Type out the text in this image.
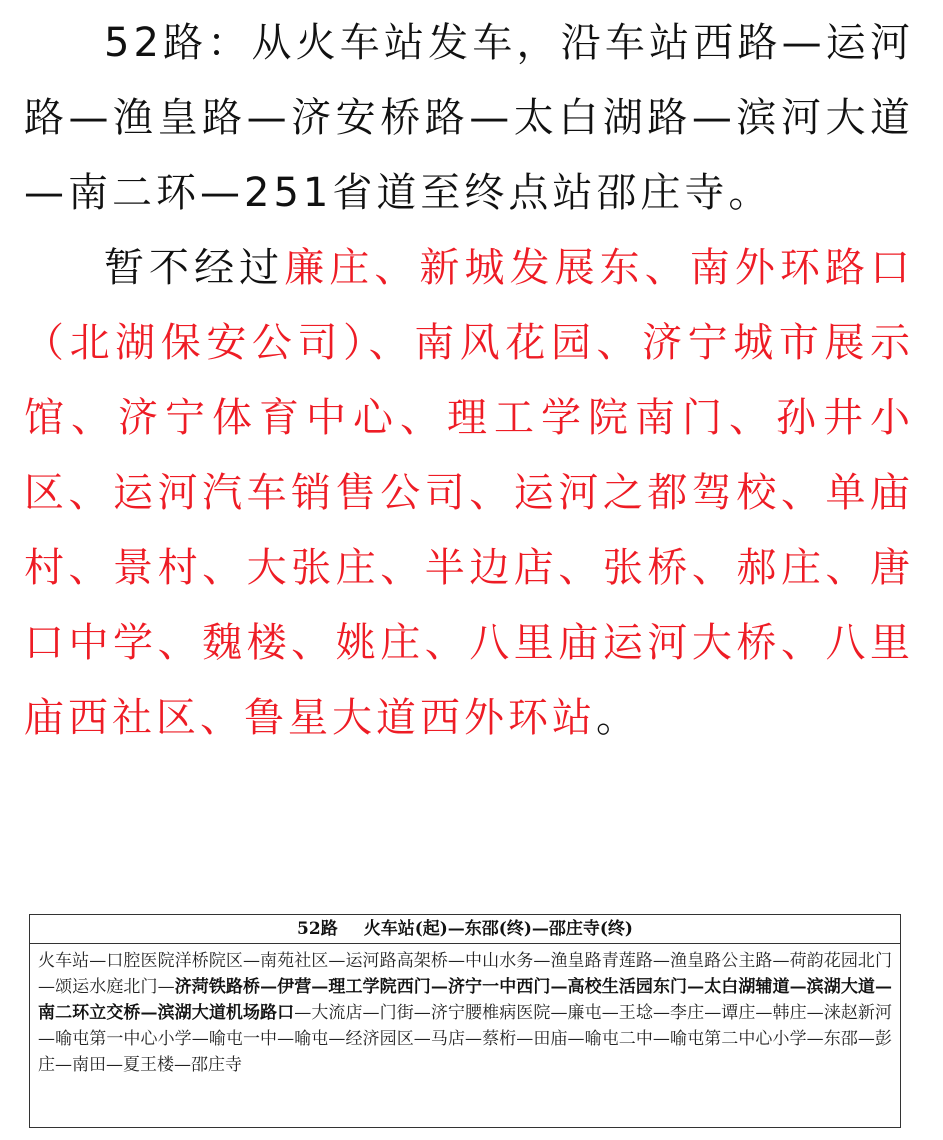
52路：从火车站发车，沿车站西路—运河路—渔皇路—济安桥路—太白湖路—滨河大道—南二环—251省道至终点站邵庄寺。

暂不经过廉庄、新城发展东、南外环路口（北湖保安公司）、南风花园、济宁城市展示馆、济宁体育中心、理工学院南门、孙井小区、运河汽车销售公司、运河之都驾校、单庙村、景村、大张庄、半边店、张桥、郝庄、唐口中学、魏楼、姚庄、八里庙运河大桥、八里庙西社区、鲁星大道西外环站。

52路 火车站(起)—东邵(终)—邵庄寺(终)
火车站—口腔医院洋桥院区—南苑社区—运河路高架桥—中山水务—渔皇路青莲路—渔皇路公主路—荷韵花园北门—颂运水庭北门—济菏铁路桥—伊营—理工学院西门—济宁一中西门—高校生活园东门—太白湖辅道—滨湖大道—南二环立交桥—滨湖大道机场路口—大流店—门街—济宁腰椎病医院—廉屯—王埝—李庄—谭庄—韩庄—涞赵新河—喻屯第一中心小学—喻屯一中—喻屯—经济园区—马店—蔡桁—田庙—喻屯二中—喻屯第二中心小学—东邵—彭庄—南田—夏王楼—邵庄寺
